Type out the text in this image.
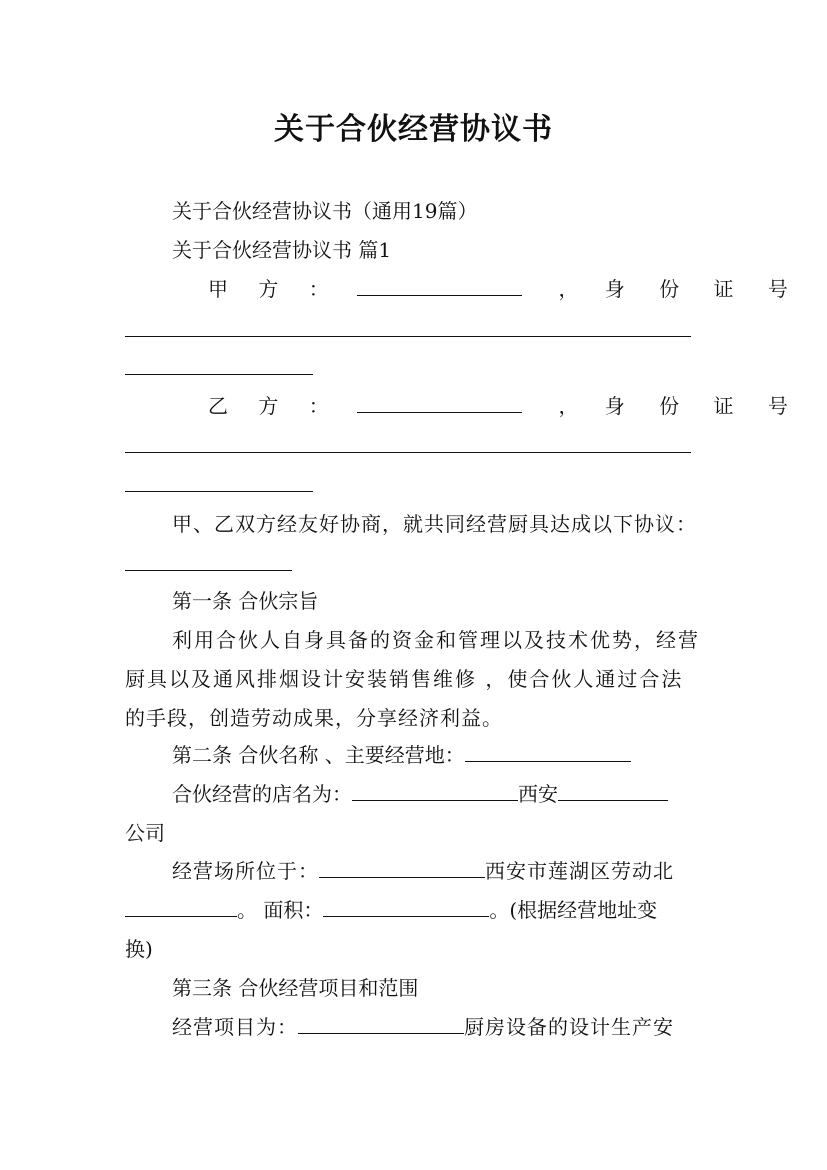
关于合伙经营协议书
关于合伙经营协议书（通用19篇）
关于合伙经营协议书 篇1
甲 方 ：	， 身 份 证 号
乙 方 ：	， 身 份 证 号
甲、乙双方经友好协商，就共同经营厨具达成以下协议：
第一条 合伙宗旨
利用合伙人自身具备的资金和管理以及技术优势，经营
厨具以及通风排烟设计安装销售维修 ，使合伙人通过合法
的手段，创造劳动成果，分享经济利益。
第二条 合伙名称 、主要经营地：
合伙经营的店名为：	西安
公司
经营场所位于：	西安市莲湖区劳动北
。 面积：	。(根据经营地址变
换)
第三条 合伙经营项目和范围
经营项目为：	厨房设备的设计生产安
